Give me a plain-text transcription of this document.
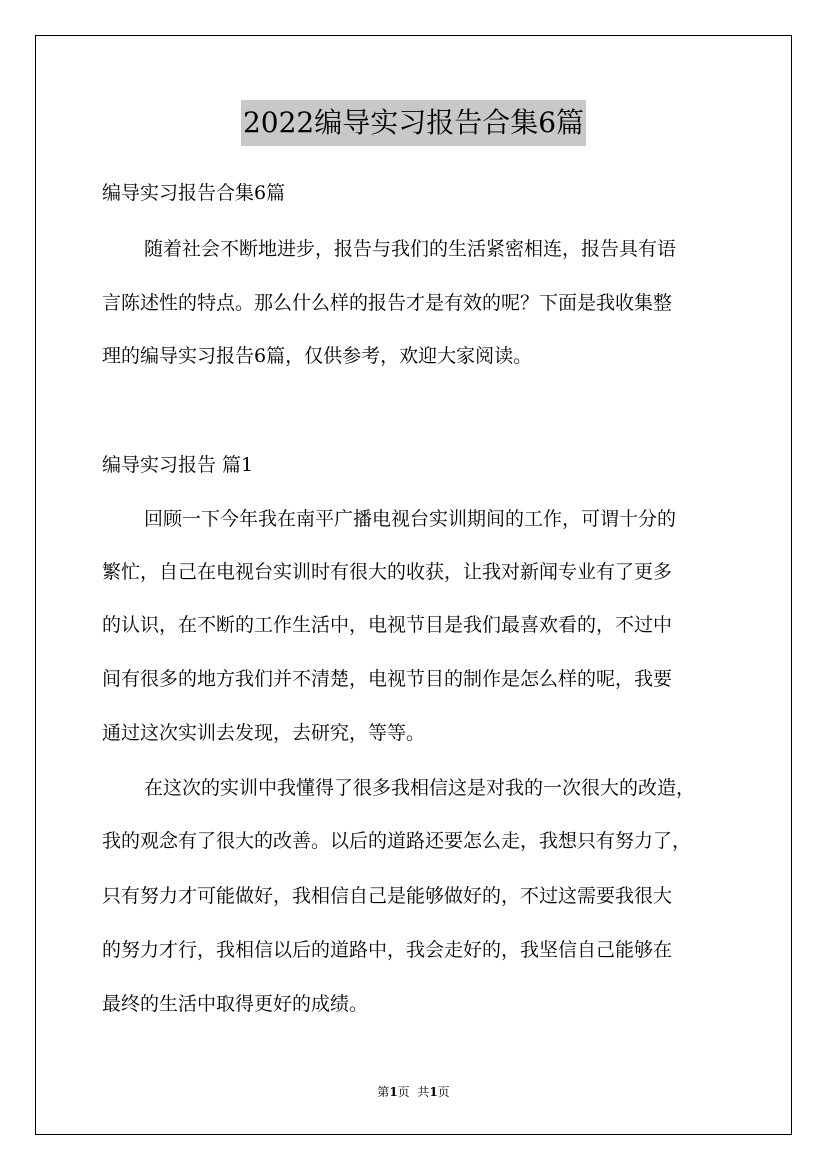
2022编导实习报告合集6篇
编导实习报告合集6篇
随着社会不断地进步，报告与我们的生活紧密相连，报告具有语
言陈述性的特点。那么什么样的报告才是有效的呢？下面是我收集整
理的编导实习报告6篇，仅供参考，欢迎大家阅读。
编导实习报告 篇1
回顾一下今年我在南平广播电视台实训期间的工作，可谓十分的
繁忙，自己在电视台实训时有很大的收获，让我对新闻专业有了更多
的认识，在不断的工作生活中，电视节目是我们最喜欢看的，不过中
间有很多的地方我们并不清楚，电视节目的制作是怎么样的呢，我要
通过这次实训去发现，去研究，等等。
在这次的实训中我懂得了很多我相信这是对我的一次很大的改造，
我的观念有了很大的改善。以后的道路还要怎么走，我想只有努力了，
只有努力才可能做好，我相信自己是能够做好的，不过这需要我很大
的努力才行，我相信以后的道路中，我会走好的，我坚信自己能够在
最终的生活中取得更好的成绩。
第1页  共1页
